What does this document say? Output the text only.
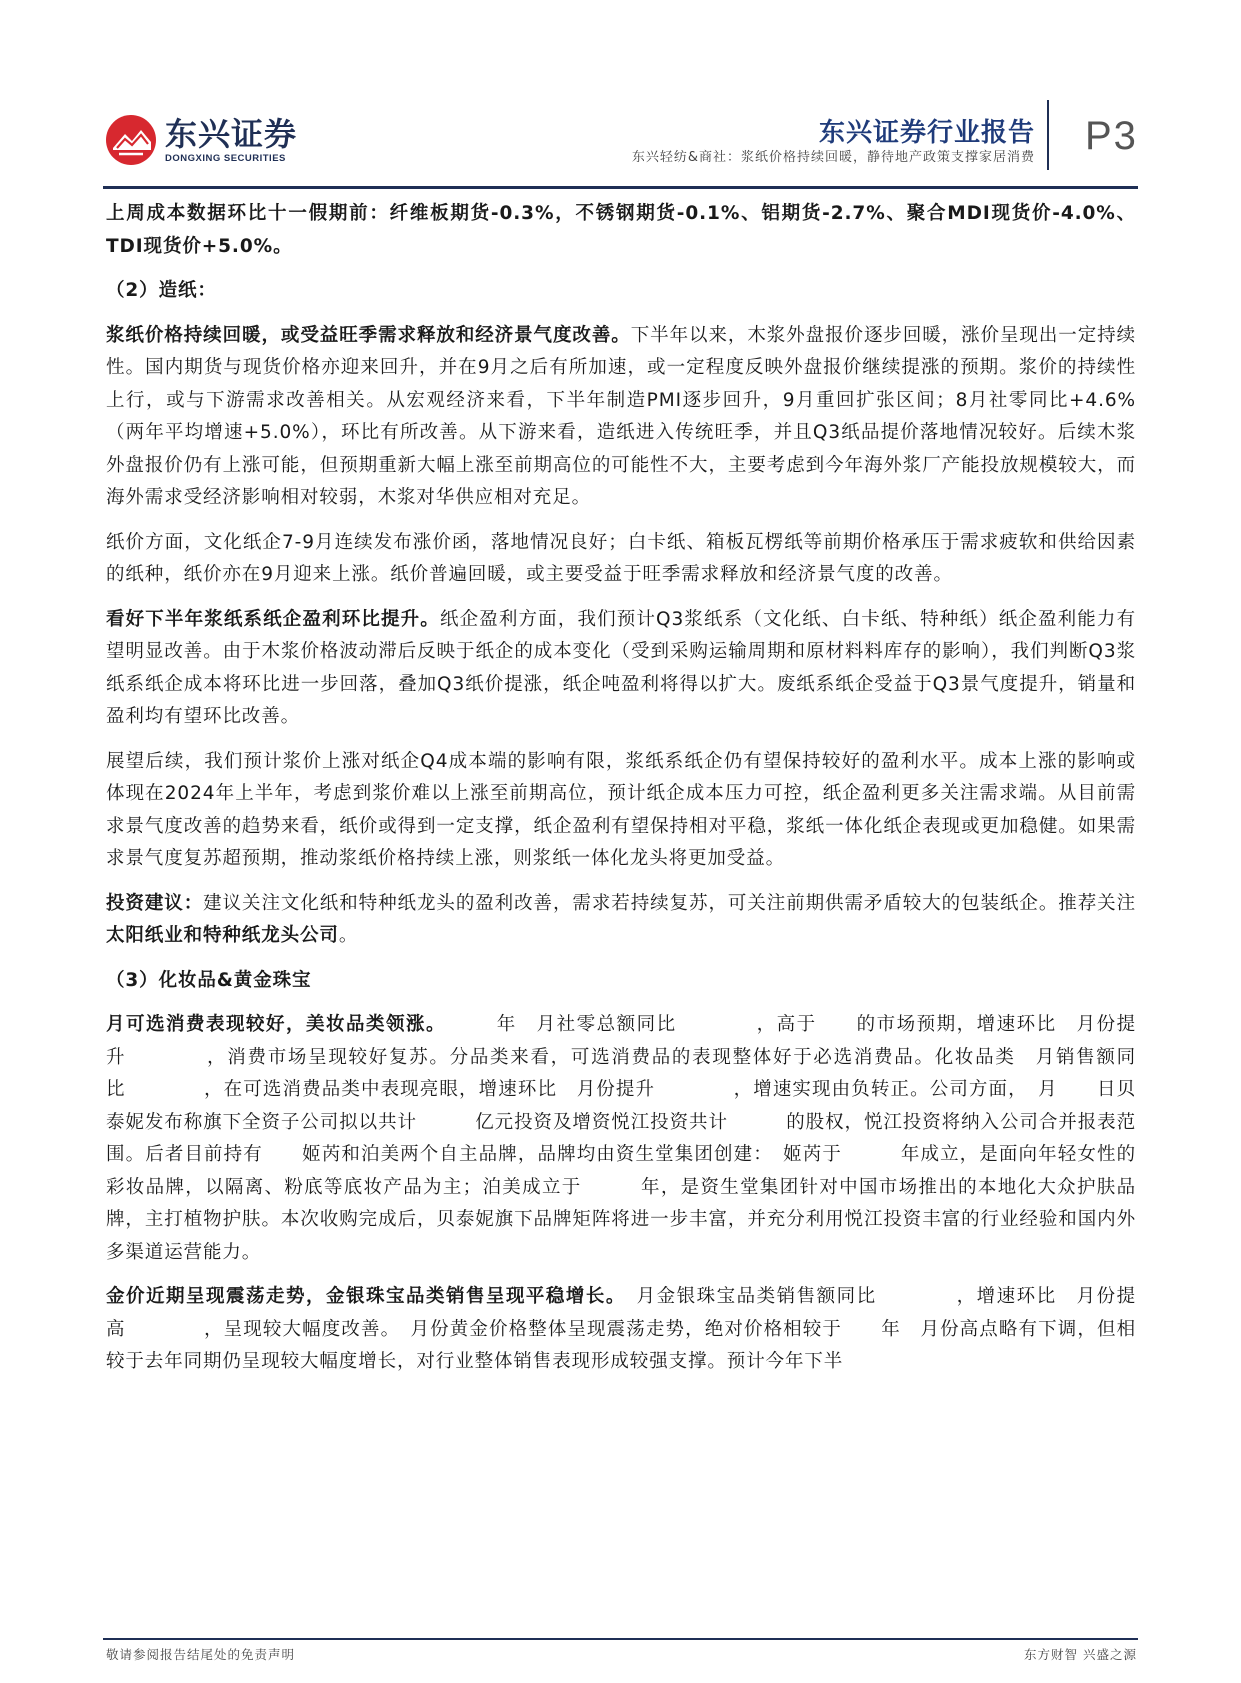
东兴证券
DONGXING SECURITIES
东兴证券行业报告
东兴轻纺&商社：浆纸价格持续回暖，静待地产政策支撑家居消费 P3

上周成本数据环比十一假期前：纤维板期货-0.3%，不锈钢期货-0.1%、铝期货-2.7%、聚合MDI现货价-4.0%、TDI现货价+5.0%。

（2）造纸：

浆纸价格持续回暖，或受益旺季需求释放和经济景气度改善。下半年以来，木浆外盘报价逐步回暖，涨价呈现出一定持续性。国内期货与现货价格亦迎来回升，并在9月之后有所加速，或一定程度反映外盘报价继续提涨的预期。浆价的持续性上行，或与下游需求改善相关。从宏观经济来看，下半年制造PMI逐步回升，9月重回扩张区间；8月社零同比+4.6%（两年平均增速+5.0%），环比有所改善。从下游来看，造纸进入传统旺季，并且Q3纸品提价落地情况较好。后续木浆外盘报价仍有上涨可能，但预期重新大幅上涨至前期高位的可能性不大，主要考虑到今年海外浆厂产能投放规模较大，而海外需求受经济影响相对较弱，木浆对华供应相对充足。

纸价方面，文化纸企7-9月连续发布涨价函，落地情况良好；白卡纸、箱板瓦楞纸等前期价格承压于需求疲软和供给因素的纸种，纸价亦在9月迎来上涨。纸价普遍回暖，或主要受益于旺季需求释放和经济景气度的改善。

看好下半年浆纸系纸企盈利环比提升。纸企盈利方面，我们预计Q3浆纸系（文化纸、白卡纸、特种纸）纸企盈利能力有望明显改善。由于木浆价格波动滞后反映于纸企的成本变化（受到采购运输周期和原材料料库存的影响），我们判断Q3浆纸系纸企成本将环比进一步回落，叠加Q3纸价提涨，纸企吨盈利将得以扩大。废纸系纸企受益于Q3景气度提升，销量和盈利均有望环比改善。

展望后续，我们预计浆价上涨对纸企Q4成本端的影响有限，浆纸系纸企仍有望保持较好的盈利水平。成本上涨的影响或体现在2024年上半年，考虑到浆价难以上涨至前期高位，预计纸企成本压力可控，纸企盈利更多关注需求端。从目前需求景气度改善的趋势来看，纸价或得到一定支撑，纸企盈利有望保持相对平稳，浆纸一体化纸企表现或更加稳健。如果需求景气度复苏超预期，推动浆纸价格持续上涨，则浆纸一体化龙头将更加受益。

投资建议：建议关注文化纸和特种纸龙头的盈利改善，需求若持续复苏，可关注前期供需矛盾较大的包装纸企。推荐关注太阳纸业和特种纸龙头公司。

（3）化妆品&黄金珠宝

月可选消费表现较好，美妆品类领涨。　　　年　月社零总额同比　　　　，高于　　的市场预期，增速环比　月份提升　　　　，消费市场呈现较好复苏。分品类来看，可选消费品的表现整体好于必选消费品。化妆品类　月销售额同比　　　　，在可选消费品类中表现亮眼，增速环比　月份提升　　　　，增速实现由负转正。公司方面，　月　　日贝泰妮发布称旗下全资子公司拟以共计　　　亿元投资及增资悦江投资共计　　　的股权，悦江投资将纳入公司合并报表范围。后者目前持有　　姬芮和泊美两个自主品牌，品牌均由资生堂集团创建：　姬芮于　　　年成立，是面向年轻女性的彩妆品牌，以隔离、粉底等底妆产品为主；泊美成立于　　　年，是资生堂集团针对中国市场推出的本地化大众护肤品牌，主打植物护肤。本次收购完成后，贝泰妮旗下品牌矩阵将进一步丰富，并充分利用悦江投资丰富的行业经验和国内外多渠道运营能力。

金价近期呈现震荡走势，金银珠宝品类销售呈现平稳增长。　月金银珠宝品类销售额同比　　　　，增速环比　月份提高　　　　，呈现较大幅度改善。　月份黄金价格整体呈现震荡走势，绝对价格相较于　　年　月份高点略有下调，但相较于去年同期仍呈现较大幅度增长，对行业整体销售表现形成较强支撑。预计今年下半

敬请参阅报告结尾处的免责声明	东方财智 兴盛之源
